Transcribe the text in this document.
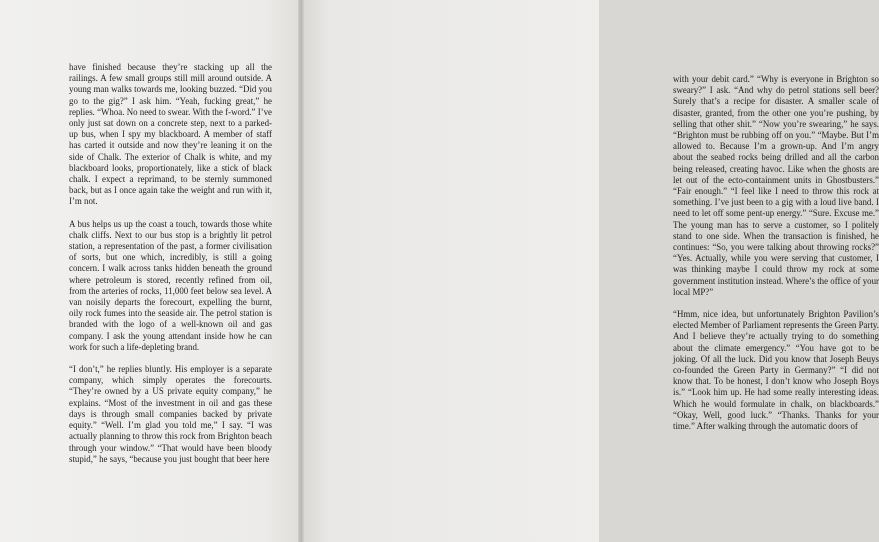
have finished because they’re stacking up all the railings. A few small groups still mill around outside. A young man walks towards me, looking buzzed. “Did you go to the gig?” I ask him. “Yeah, fucking great,” he replies. “Whoa. No need to swear. With the f-word.” I’ve only just sat down on a concrete step, next to a parked-up bus, when I spy my blackboard. A member of staff has carted it outside and now they’re leaning it on the side of Chalk. The exterior of Chalk is white, and my blackboard looks, proportionately, like a stick of black chalk. I expect a reprimand, to be sternly summoned back, but as I once again take the weight and run with it, I’m not.

A bus helps us up the coast a touch, towards those white chalk cliffs. Next to our bus stop is a brightly lit petrol station, a representation of the past, a former civilisation of sorts, but one which, incredibly, is still a going concern. I walk across tanks hidden beneath the ground where petroleum is stored, recently refined from oil, from the arteries of rocks, 11,000 feet below sea level. A van noisily departs the forecourt, expelling the burnt, oily rock fumes into the seaside air. The petrol station is branded with the logo of a well-known oil and gas company. I ask the young attendant inside how he can work for such a life-depleting brand.

“I don’t,” he replies bluntly. His employer is a separate company, which simply operates the forecourts. “They’re owned by a US private equity company,” he explains. “Most of the investment in oil and gas these days is through small companies backed by private equity.” “Well. I’m glad you told me,” I say. “I was actually planning to throw this rock from Brighton beach through your window.” “That would have been bloody stupid,” he says, “because you just bought that beer here

with your debit card.” “Why is everyone in Brighton so sweary?” I ask. “And why do petrol stations sell beer? Surely that’s a recipe for disaster. A smaller scale of disaster, granted, from the other one you’re pushing, by selling that other shit.” “Now you’re swearing,” he says. “Brighton must be rubbing off on you.” “Maybe. But I’m allowed to. Because I’m a grown-up. And I’m angry about the seabed rocks being drilled and all the carbon being released, creating havoc. Like when the ghosts are let out of the ecto-containment units in Ghostbusters.” “Fair enough.” “I feel like I need to throw this rock at something. I’ve just been to a gig with a loud live band. I need to let off some pent-up energy.” “Sure. Excuse me.” The young man has to serve a customer, so I politely stand to one side. When the transaction is finished, he continues: “So, you were talking about throwing rocks?” “Yes. Actually, while you were serving that customer, I was thinking maybe I could throw my rock at some government institution instead. Where’s the office of your local MP?”

“Hmm, nice idea, but unfortunately Brighton Pavilion’s elected Member of Parliament represents the Green Party. And I believe they’re actually trying to do something about the climate emergency.” “You have got to be joking. Of all the luck. Did you know that Joseph Beuys co-founded the Green Party in Germany?” “I did not know that. To be honest, I don’t know who Joseph Boys is.” “Look him up. He had some really interesting ideas. Which he would formulate in chalk, on blackboards.” “Okay, Well, good luck.” “Thanks. Thanks for your time.” After walking through the automatic doors of
